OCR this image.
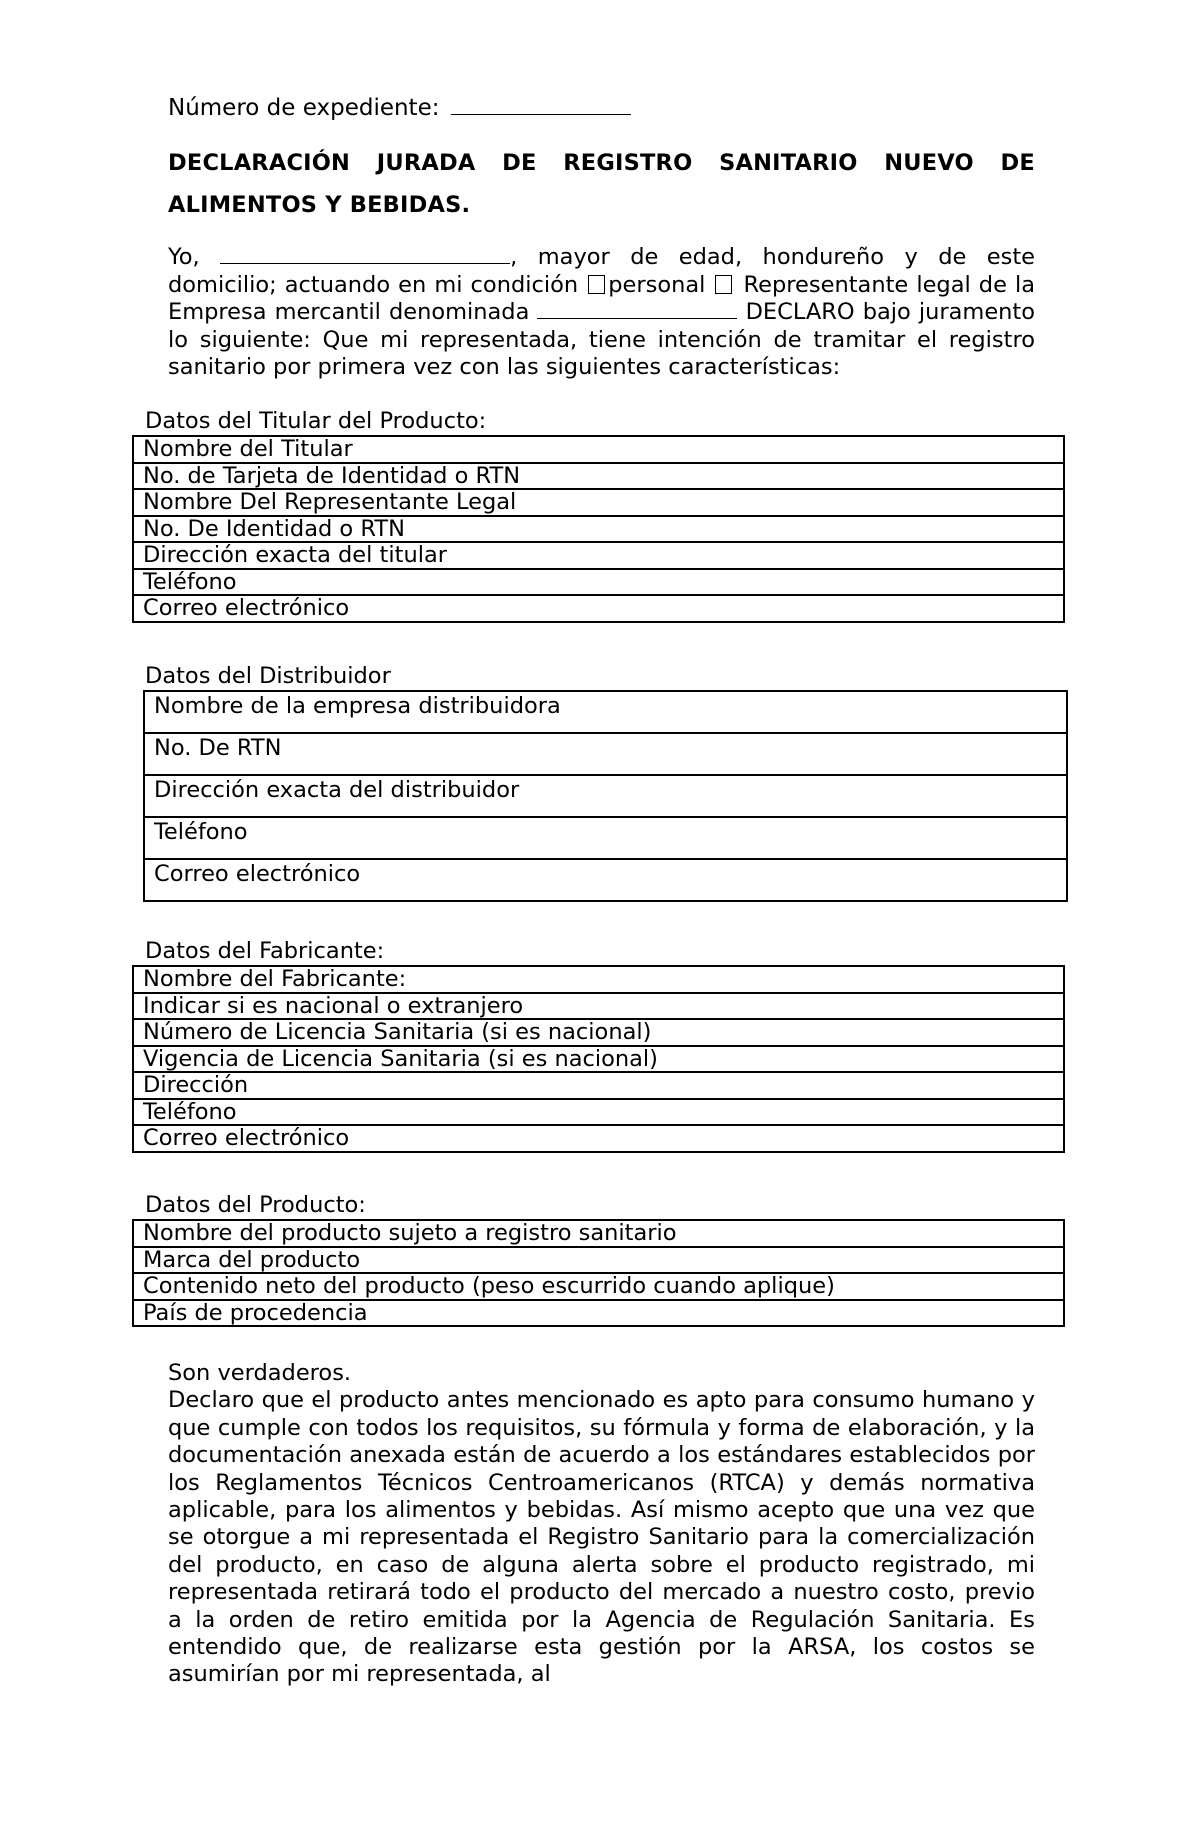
Número de expediente:
DECLARACIÓN JURADA DE REGISTRO SANITARIO NUEVO DE
ALIMENTOS Y BEBIDAS.
Yo,	, mayor de edad, hondureño y de este domicilio; actuando en mi condición personal Representante legal de la Empresa mercantil denominada	DECLARO bajo juramento lo siguiente: Que mi representada, tiene intención de tramitar el registro sanitario por primera vez con las siguientes características:
Datos del Titular del Producto:
Nombre del Titular
No. de Tarjeta de Identidad o RTN
Nombre Del Representante Legal
No. De Identidad o RTN
Dirección exacta del titular
Teléfono
Correo electrónico
Datos del Distribuidor
Nombre de la empresa distribuidora
No. De RTN
Dirección exacta del distribuidor
Teléfono
Correo electrónico
Datos del Fabricante:
Nombre del Fabricante:
Indicar si es nacional o extranjero
Número de Licencia Sanitaria (si es nacional)
Vigencia de Licencia Sanitaria (si es nacional)
Dirección
Teléfono
Correo electrónico
Datos del Producto:
Nombre del producto sujeto a registro sanitario
Marca del producto
Contenido neto del producto (peso escurrido cuando aplique)
País de procedencia

Son verdaderos.

Declaro que el producto antes mencionado es apto para consumo humano y que cumple con todos los requisitos, su fórmula y forma de elaboración, y la documentación anexada están de acuerdo a los estándares establecidos por los Reglamentos Técnicos Centroamericanos (RTCA) y demás normativa aplicable, para los alimentos y bebidas. Así mismo acepto que una vez que se otorgue a mi representada el Registro Sanitario para la comercialización del producto, en caso de alguna alerta sobre el producto registrado, mi representada retirará todo el producto del mercado a nuestro costo, previo a la orden de retiro emitida por la Agencia de Regulación Sanitaria. Es entendido que, de realizarse esta gestión por la ARSA, los costos se asumirían por mi representada, al
